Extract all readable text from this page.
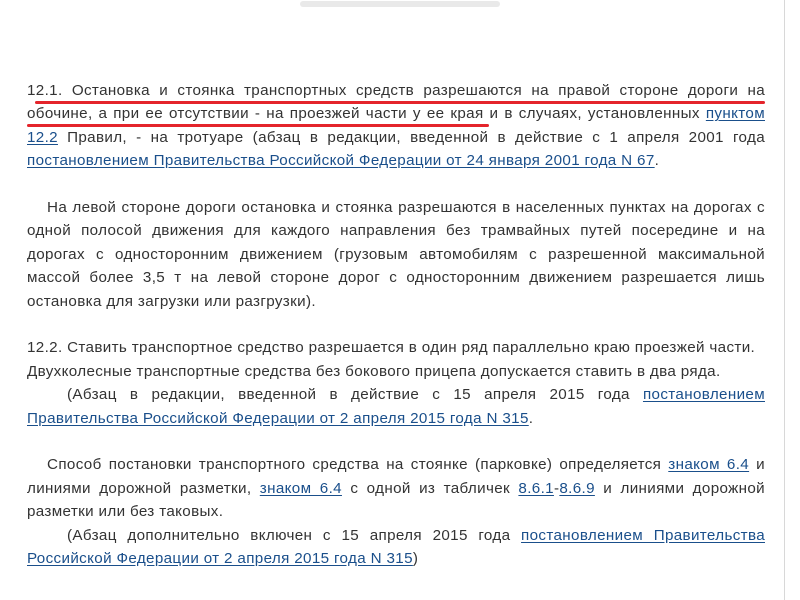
12.1. Остановка и стоянка транспортных средств разрешаются на правой стороне дороги на обочине, а при ее отсутствии - на проезжей части у ее края и в случаях, установленных пунктом 12.2 Правил, - на тротуаре (абзац в редакции, введенной в действие с 1 апреля 2001 года постановлением Правительства Российской Федерации от 24 января 2001 года N 67.

На левой стороне дороги остановка и стоянка разрешаются в населенных пунктах на дорогах с одной полосой движения для каждого направления без трамвайных путей посередине и на дорогах с односторонним движением (грузовым автомобилям с разрешенной максимальной массой более 3,5 т на левой стороне дорог с односторонним движением разрешается лишь остановка для загрузки или разгрузки).

12.2. Ставить транспортное средство разрешается в один ряд параллельно краю проезжей части.
Двухколесные транспортные средства без бокового прицепа допускается ставить в два ряда.
(Абзац в редакции, введенной в действие с 15 апреля 2015 года постановлением Правительства Российской Федерации от 2 апреля 2015 года N 315.

Способ постановки транспортного средства на стоянке (парковке) определяется знаком 6.4 и линиями дорожной разметки, знаком 6.4 с одной из табличек 8.6.1-8.6.9 и линиями дорожной разметки или без таковых.

(Абзац дополнительно включен с 15 апреля 2015 года постановлением Правительства Российской Федерации от 2 апреля 2015 года N 315)
